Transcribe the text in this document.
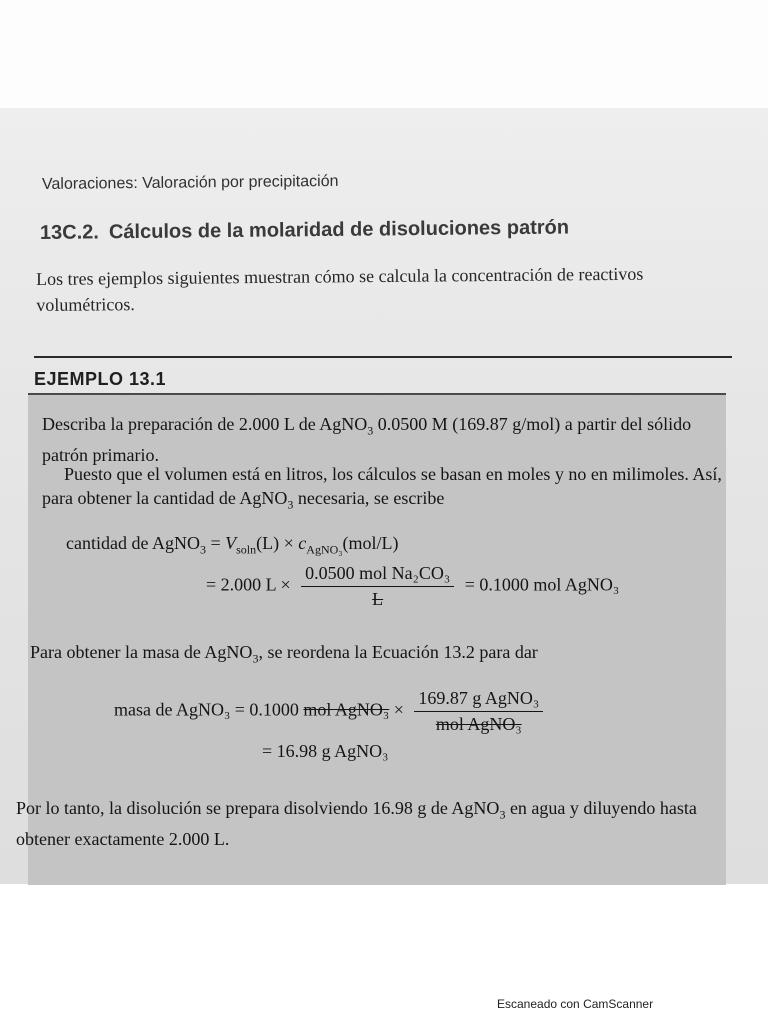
Valoraciones: Valoración por precipitación
13C.2. Cálculos de la molaridad de disoluciones patrón
Los tres ejemplos siguientes muestran cómo se calcula la concentración de reactivos volumétricos.
EJEMPLO 13.1
Describa la preparación de 2.000 L de AgNO$_3$ 0.0500 M (169.87 g/mol) a partir del sólido patrón primario.
Puesto que el volumen está en litros, los cálculos se basan en moles y no en milimoles. Así, para obtener la cantidad de AgNO$_3$ necesaria, se escribe
cantidad de AgNO$_3$ = $V_{soln}(L) \times c_{AgNO_3}(mol/L)$
= 2.000 $L \times \frac{\text{0.0500 mol Na₂CO₃}}{L} = 0.1000$ mol AgNO₃
Para obtener la masa de AgNO$_3$, se reordena la Ecuación 13.2 para dar
masa de AgNO₃ = 0.1000 mol AgNO₃ × $\frac{\text{169.87 g AgNO₃}}{\text{mol AgNO₃}}$
= 16.98 g AgNO₃
Por lo tanto, la disolución se prepara disolviendo 16.98 g de AgNO$_3$ en agua y diluyendo hasta obtener exactamente 2.000 L.
Escaneado con CamScanner
